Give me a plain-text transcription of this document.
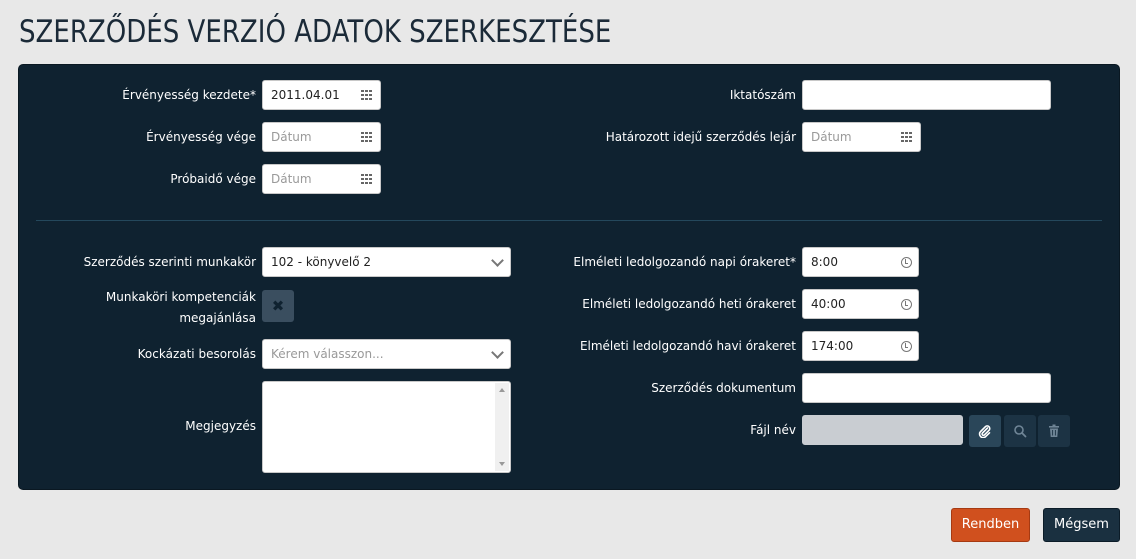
SZERZŐDÉS VERZIÓ ADATOK SZERKESZTÉSE
Érvényesség kezdete*	2011.04.01
Érvényesség vége	Dátum
Próbaidő vége	Dátum
Iktatószám
Határozott idejű szerződés lejár	Dátum
Szerződés szerinti munkakör	102 - könyvelő 2
Munkaköri kompetenciák
megajánlása
✖
Kockázati besorolás	Kérem válasszon...
Megjegyzés
Elméleti ledolgozandó napi órakeret*	8:00
Elméleti ledolgozandó heti órakeret	40:00
Elméleti ledolgozandó havi órakeret	174:00
Szerződés dokumentum
Fájl név
Rendben	Mégsem
